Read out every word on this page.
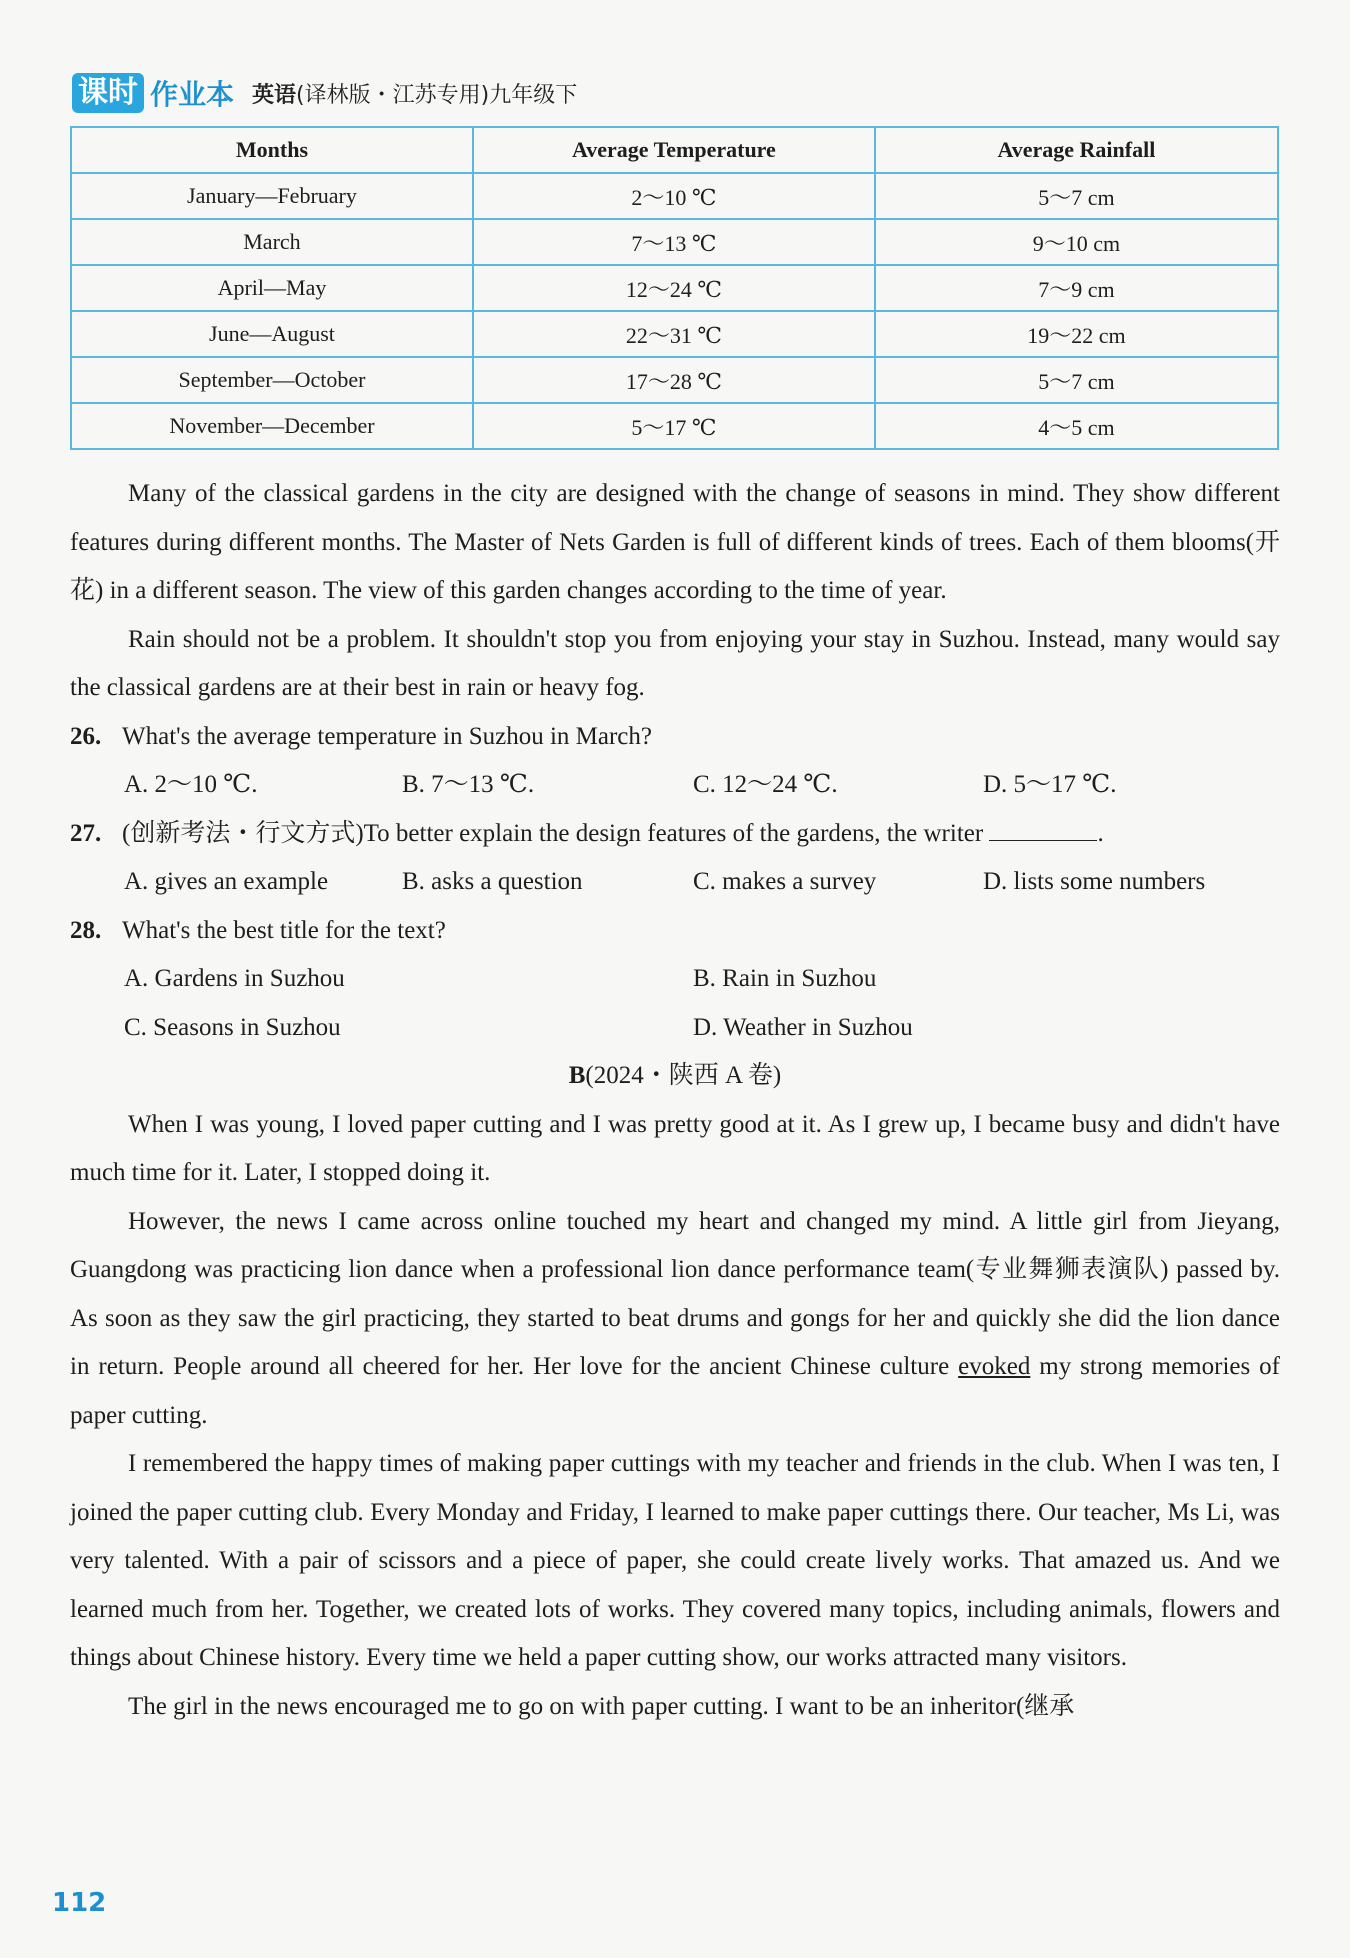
课时 作业本 英语(译林版・江苏专用)九年级下
Months	Average Temperature	Average Rainfall
January—February	2～10 ℃	5～7 cm
March	7～13 ℃	9～10 cm
April—May	12～24 ℃	7～9 cm
June—August	22～31 ℃	19～22 cm
September—October	17～28 ℃	5～7 cm
November—December	5～17 ℃	4～5 cm

Many of the classical gardens in the city are designed with the change of seasons in mind. They show different features during different months. The Master of Nets Garden is full of different kinds of trees. Each of them blooms(开花) in a different season. The view of this garden changes according to the time of year.

Rain should not be a problem. It shouldn't stop you from enjoying your stay in Suzhou. Instead, many would say the classical gardens are at their best in rain or heavy fog.

26. What's the average temperature in Suzhou in March?

A. 2～10 ℃.	B. 7～13 ℃.	C. 12～24 ℃.	D. 5～17 ℃.

27. (创新考法・行文方式)To better explain the design features of the gardens, the writer	.

A. gives an example	B. asks a question	C. makes a survey	D. lists some numbers

28. What's the best title for the text?

A. Gardens in Suzhou	B. Rain in Suzhou
C. Seasons in Suzhou	D. Weather in Suzhou

B(2024・陕西 A 卷)

When I was young, I loved paper cutting and I was pretty good at it. As I grew up, I became busy and didn't have much time for it. Later, I stopped doing it.

However, the news I came across online touched my heart and changed my mind. A little girl from Jieyang, Guangdong was practicing lion dance when a professional lion dance performance team(专业舞狮表演队) passed by. As soon as they saw the girl practicing, they started to beat drums and gongs for her and quickly she did the lion dance in return. People around all cheered for her. Her love for the ancient Chinese culture evoked my strong memories of paper cutting.

I remembered the happy times of making paper cuttings with my teacher and friends in the club. When I was ten, I joined the paper cutting club. Every Monday and Friday, I learned to make paper cuttings there. Our teacher, Ms Li, was very talented. With a pair of scissors and a piece of paper, she could create lively works. That amazed us. And we learned much from her. Together, we created lots of works. They covered many topics, including animals, flowers and things about Chinese history. Every time we held a paper cutting show, our works attracted many visitors.

The girl in the news encouraged me to go on with paper cutting. I want to be an inheritor(继承

112
